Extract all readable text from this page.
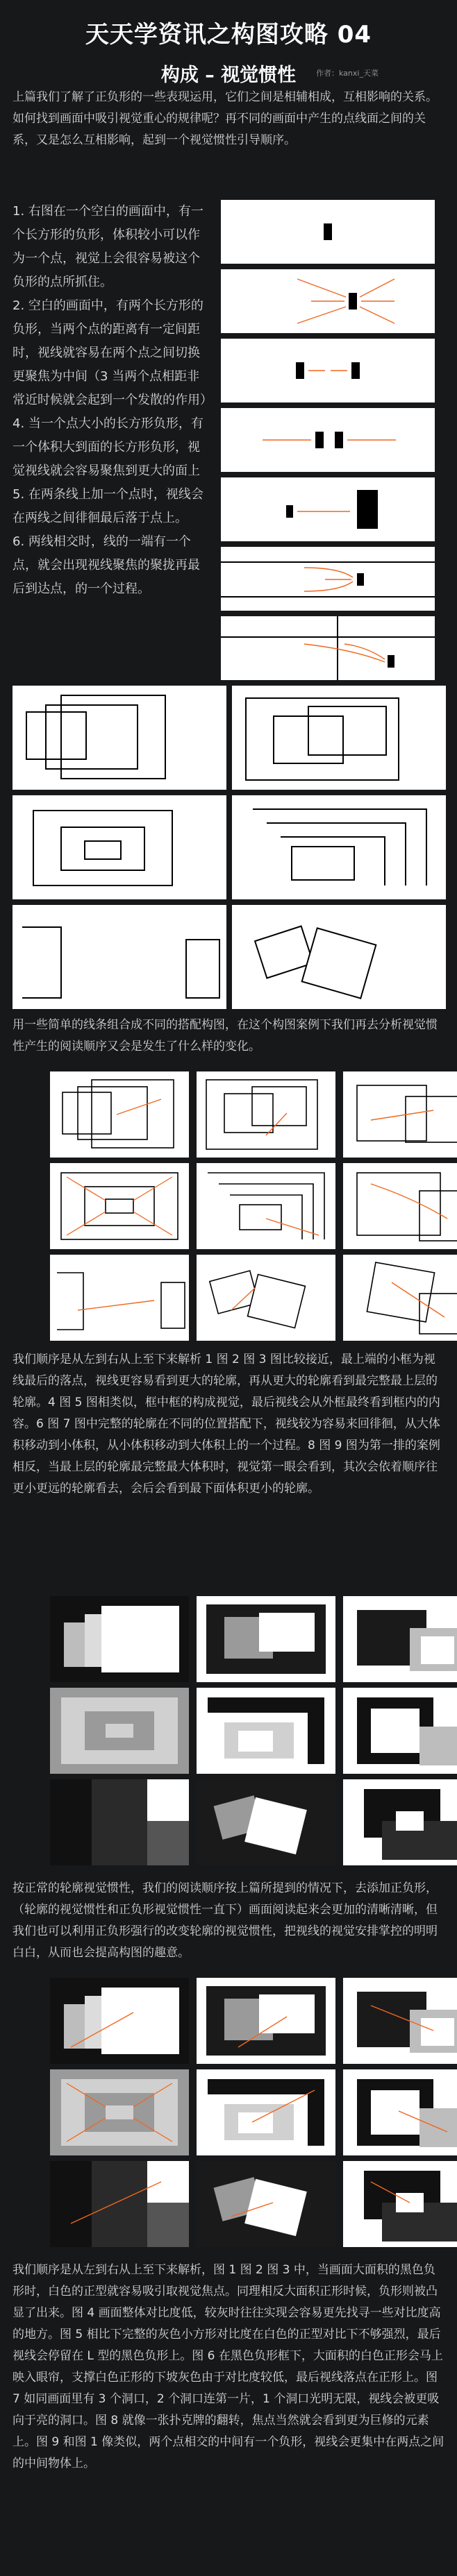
天天学资讯之构图攻略 04
构成 – 视觉惯性	作者：kanxi_天菜
上篇我们了解了正负形的一些表现运用，它们之间是相辅相成，互相影响的关系。如何找到画面中吸引视觉重心的规律呢？再不同的画面中产生的点线面之间的关系，又是怎么互相影响，起到一个视觉惯性引导顺序。

1. 右图在一个空白的画面中，有一个长方形的负形，体积较小可以作为一个点，视觉上会很容易被这个负形的点所抓住。

2. 空白的画面中，有两个长方形的负形，当两个点的距离有一定间距时，视线就容易在两个点之间切换更聚焦为中间（3 当两个点相距非常近时候就会起到一个发散的作用）

4. 当一个点大小的长方形负形，有一个体积大到面的长方形负形，视觉视线就会容易聚焦到更大的面上

5. 在两条线上加一个点时，视线会在两线之间徘徊最后落于点上。

6. 两线相交时，线的一端有一个点，就会出现视线聚焦的聚拢再最后到达点，的一个过程。

用一些简单的线条组合成不同的搭配构图，在这个构图案例下我们再去分析视觉惯性产生的阅读顺序又会是发生了什么样的变化。
我们顺序是从左到右从上至下来解析 1 图 2 图 3 图比较接近，最上端的小框为视线最后的落点，视线更容易看到更大的轮廓，再从更大的轮廓看到最完整最上层的轮廓。4 图 5 图相类似，框中框的构成视觉，最后视线会从外框最终看到框内的内容。6 图 7 图中完整的轮廓在不同的位置搭配下，视线较为容易来回徘徊，从大体积移动到小体积，从小体积移动到大体积上的一个过程。8 图 9 图为第一排的案例相反，当最上层的轮廓最完整最大体积时，视觉第一眼会看到，其次会依着顺序往更小更远的轮廓看去，会后会看到最下面体积更小的轮廓。
按正常的轮廓视觉惯性，我们的阅读顺序按上篇所提到的情况下，去添加正负形，（轮廓的视觉惯性和正负形视觉惯性一直下）画面阅读起来会更加的清晰清晰，但我们也可以利用正负形强行的改变轮廓的视觉惯性，把视线的视觉安排掌控的明明白白，从而也会提高构图的趣意。
我们顺序是从左到右从上至下来解析，图 1 图 2 图 3 中，当画面大面积的黑色负形时，白色的正型就容易吸引取视觉焦点。同理相反大面积正形时候，负形则被凸显了出来。图 4 画面整体对比度低，较灰时往往实现会容易更先找寻一些对比度高的地方。图 5 相比下完整的灰色小方形对比度在白色的正型对比下不够强烈，最后视线会停留在 L 型的黑色负形上。图 6 在黑色负形框下，大面积的白色正形会马上映入眼帘，支撑白色正形的下坡灰色由于对比度较低，最后视线落点在正形上。图 7 如同画面里有 3 个洞口，2 个洞口连第一片，1 个洞口光明无限，视线会被更吸向于亮的洞口。图 8 就像一张扑克牌的翻转，焦点当然就会看到更为巨修的元素上。图 9 和图 1 像类似，两个点相交的中间有一个负形，视线会更集中在两点之间的中间物体上。
